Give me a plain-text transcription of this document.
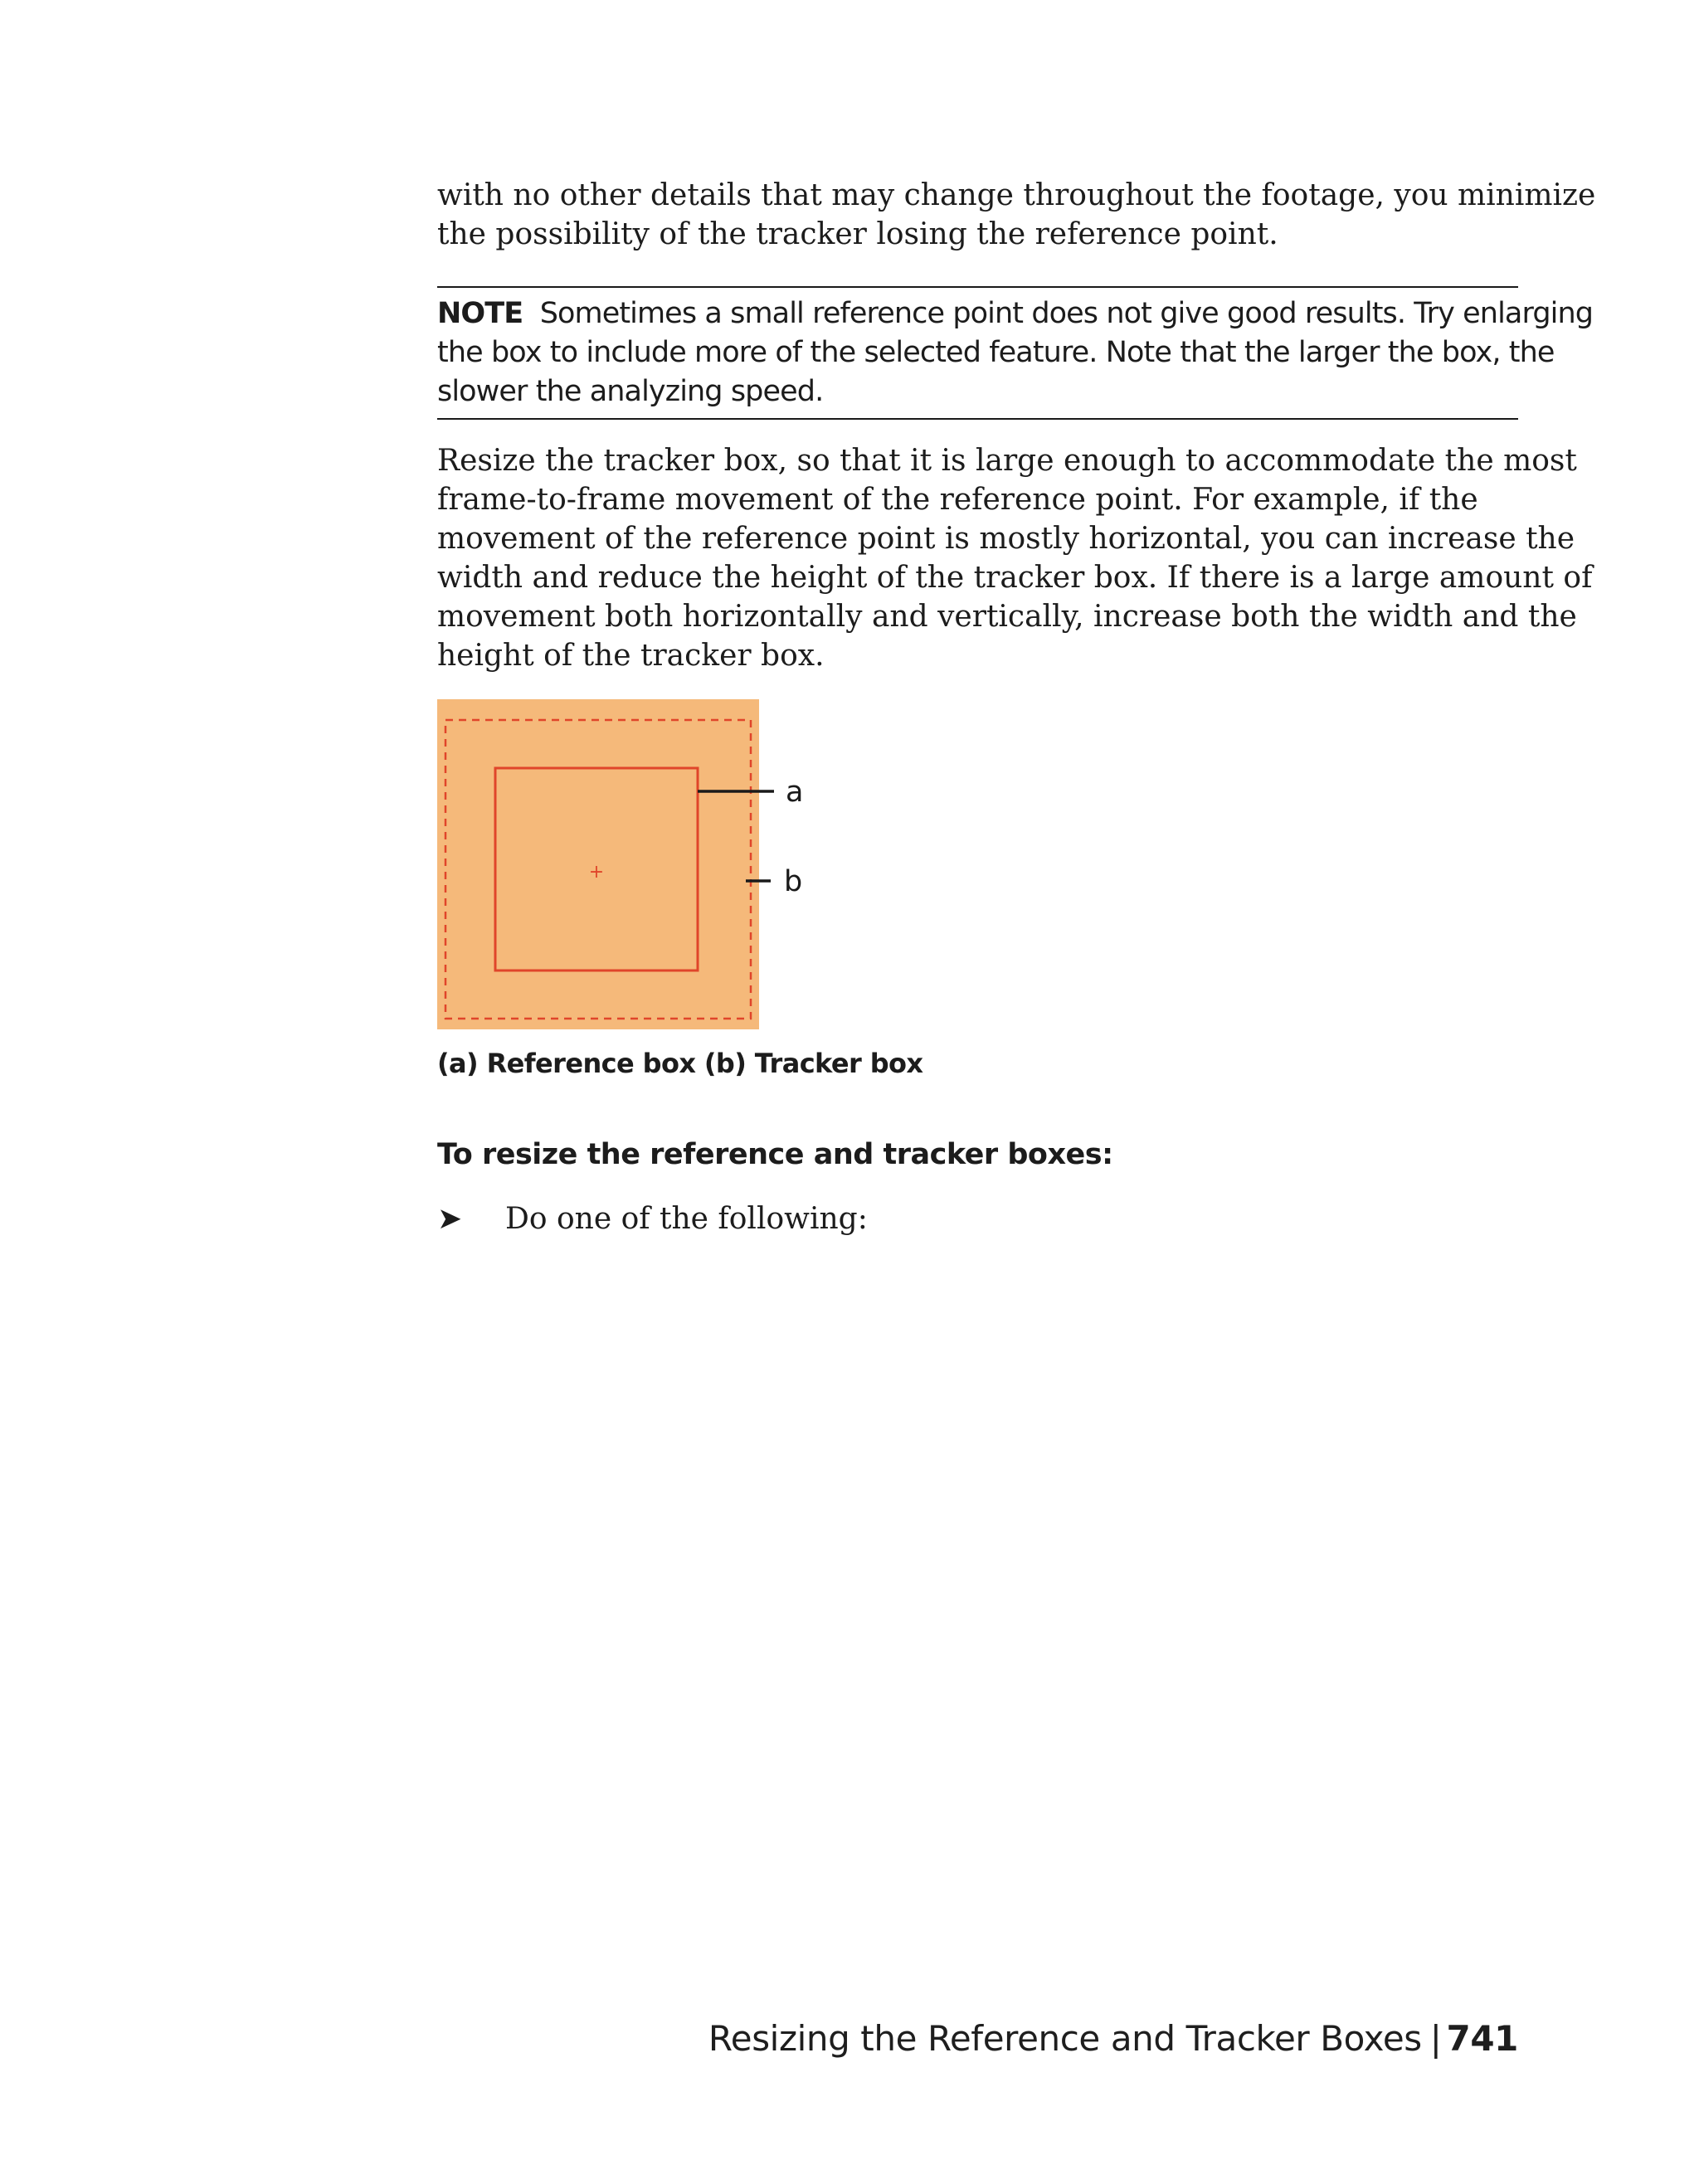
with no other details that may change throughout the footage, you minimize
the possibility of the tracker losing the reference point.
NOTE Sometimes a small reference point does not give good results. Try enlarging
the box to include more of the selected feature. Note that the larger the box, the
slower the analyzing speed.
Resize the tracker box, so that it is large enough to accommodate the most
frame-to-frame movement of the reference point. For example, if the
movement of the reference point is mostly horizontal, you can increase the
width and reduce the height of the tracker box. If there is a large amount of
movement both horizontally and vertically, increase both the width and the
height of the tracker box.
+
a
b
(a) Reference box (b) Tracker box
To resize the reference and tracker boxes:
➤ Do one of the following:
Resizing the Reference and Tracker Boxes | 741
